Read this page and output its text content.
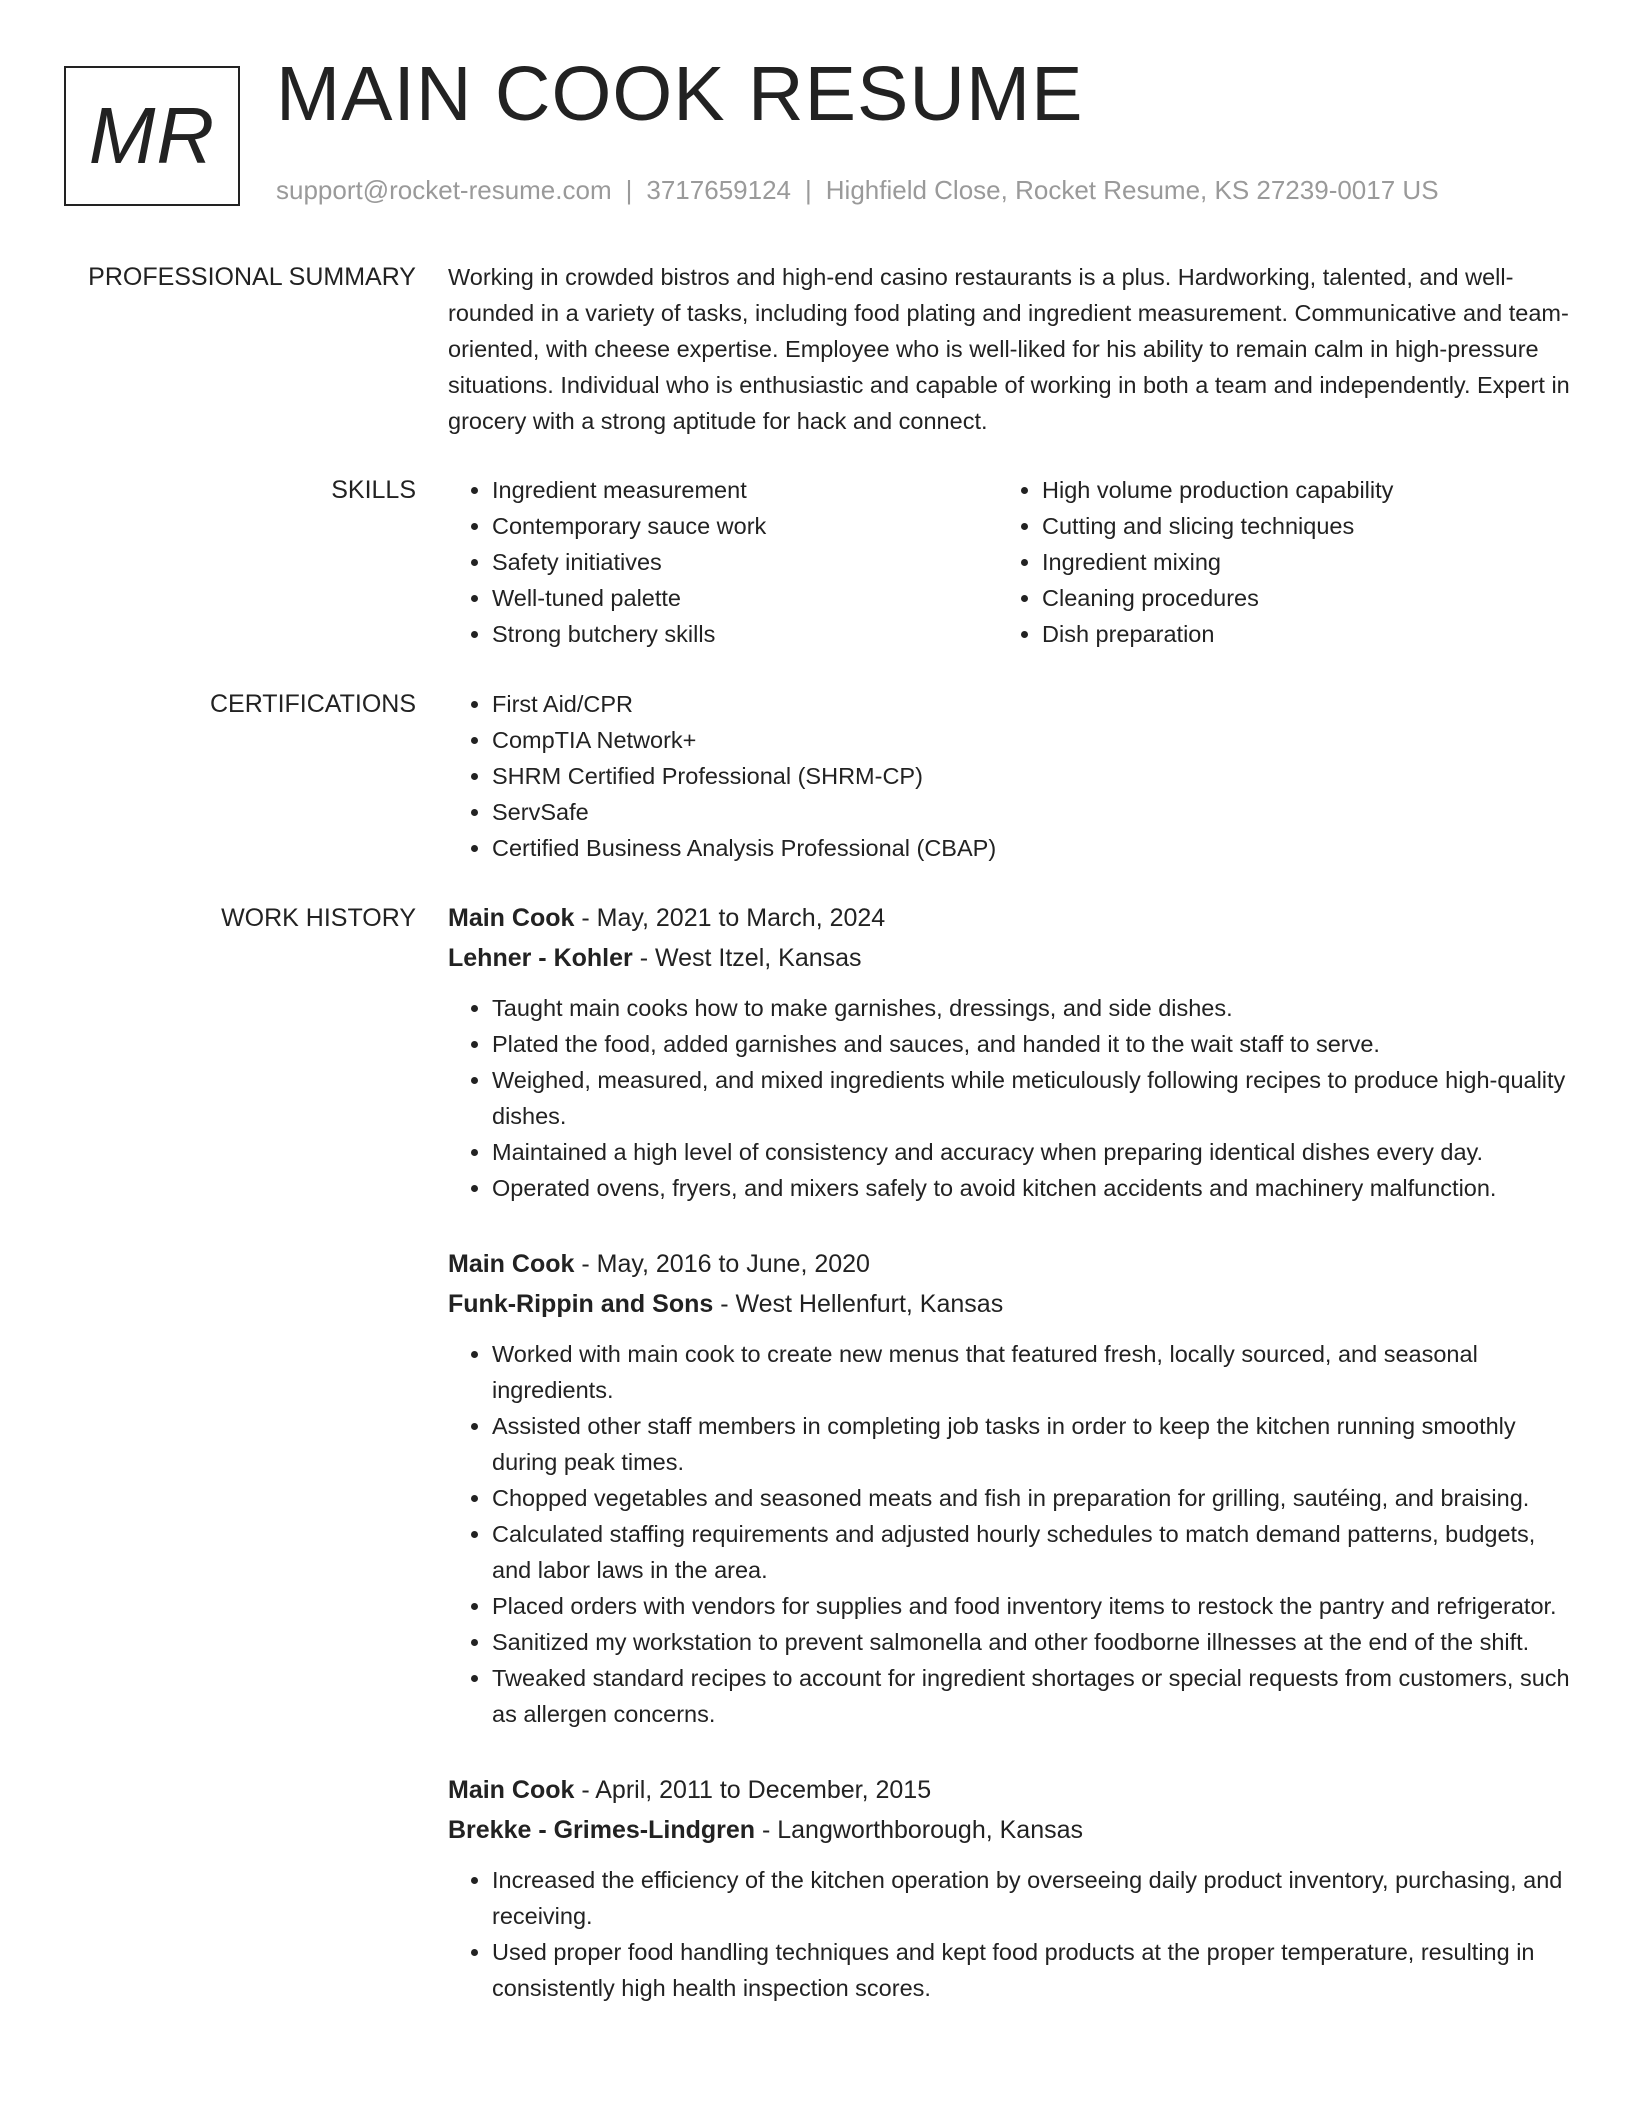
MR MAIN COOK RESUME
support@rocket-resume.com | 3717659124 | Highfield Close, Rocket Resume, KS 27239-0017 US
PROFESSIONAL SUMMARY Working in crowded bistros and high-end casino restaurants is a plus. Hardworking, talented, and well-rounded in a variety of tasks, including food plating and ingredient measurement. Communicative and team-oriented, with cheese expertise. Employee who is well-liked for his ability to remain calm in high-pressure situations. Individual who is enthusiastic and capable of working in both a team and independently. Expert in grocery with a strong aptitude for hack and connect.

SKILLS	• Ingredient measurement
• Contemporary sauce work
• Safety initiatives
• Well-tuned palette
• Strong butchery skills
• High volume production capability
• Cutting and slicing techniques
• Ingredient mixing
• Cleaning procedures
• Dish preparation
CERTIFICATIONS	• First Aid/CPR
• CompTIA Network+
• SHRM Certified Professional (SHRM-CP)
• ServSafe
• Certified Business Analysis Professional (CBAP)
WORK HISTORY Main Cook - May, 2021 to March, 2024
Lehner - Kohler - West Itzel, Kansas
• Taught main cooks how to make garnishes, dressings, and side dishes.
• Plated the food, added garnishes and sauces, and handed it to the wait staff to serve.
• Weighed, measured, and mixed ingredients while meticulously following recipes to produce high-quality dishes.
• Maintained a high level of consistency and accuracy when preparing identical dishes every day.
• Operated ovens, fryers, and mixers safely to avoid kitchen accidents and machinery malfunction.
Main Cook - May, 2016 to June, 2020
Funk-Rippin and Sons - West Hellenfurt, Kansas
• Worked with main cook to create new menus that featured fresh, locally sourced, and seasonal ingredients.
• Assisted other staff members in completing job tasks in order to keep the kitchen running smoothly during peak times.
• Chopped vegetables and seasoned meats and fish in preparation for grilling, sautéing, and braising.
• Calculated staffing requirements and adjusted hourly schedules to match demand patterns, budgets, and labor laws in the area.
• Placed orders with vendors for supplies and food inventory items to restock the pantry and refrigerator.
• Sanitized my workstation to prevent salmonella and other foodborne illnesses at the end of the shift.
• Tweaked standard recipes to account for ingredient shortages or special requests from customers, such as allergen concerns.
Main Cook - April, 2011 to December, 2015
Brekke - Grimes-Lindgren - Langworthborough, Kansas
• Increased the efficiency of the kitchen operation by overseeing daily product inventory, purchasing, and receiving.
• Used proper food handling techniques and kept food products at the proper temperature, resulting in consistently high health inspection scores.
